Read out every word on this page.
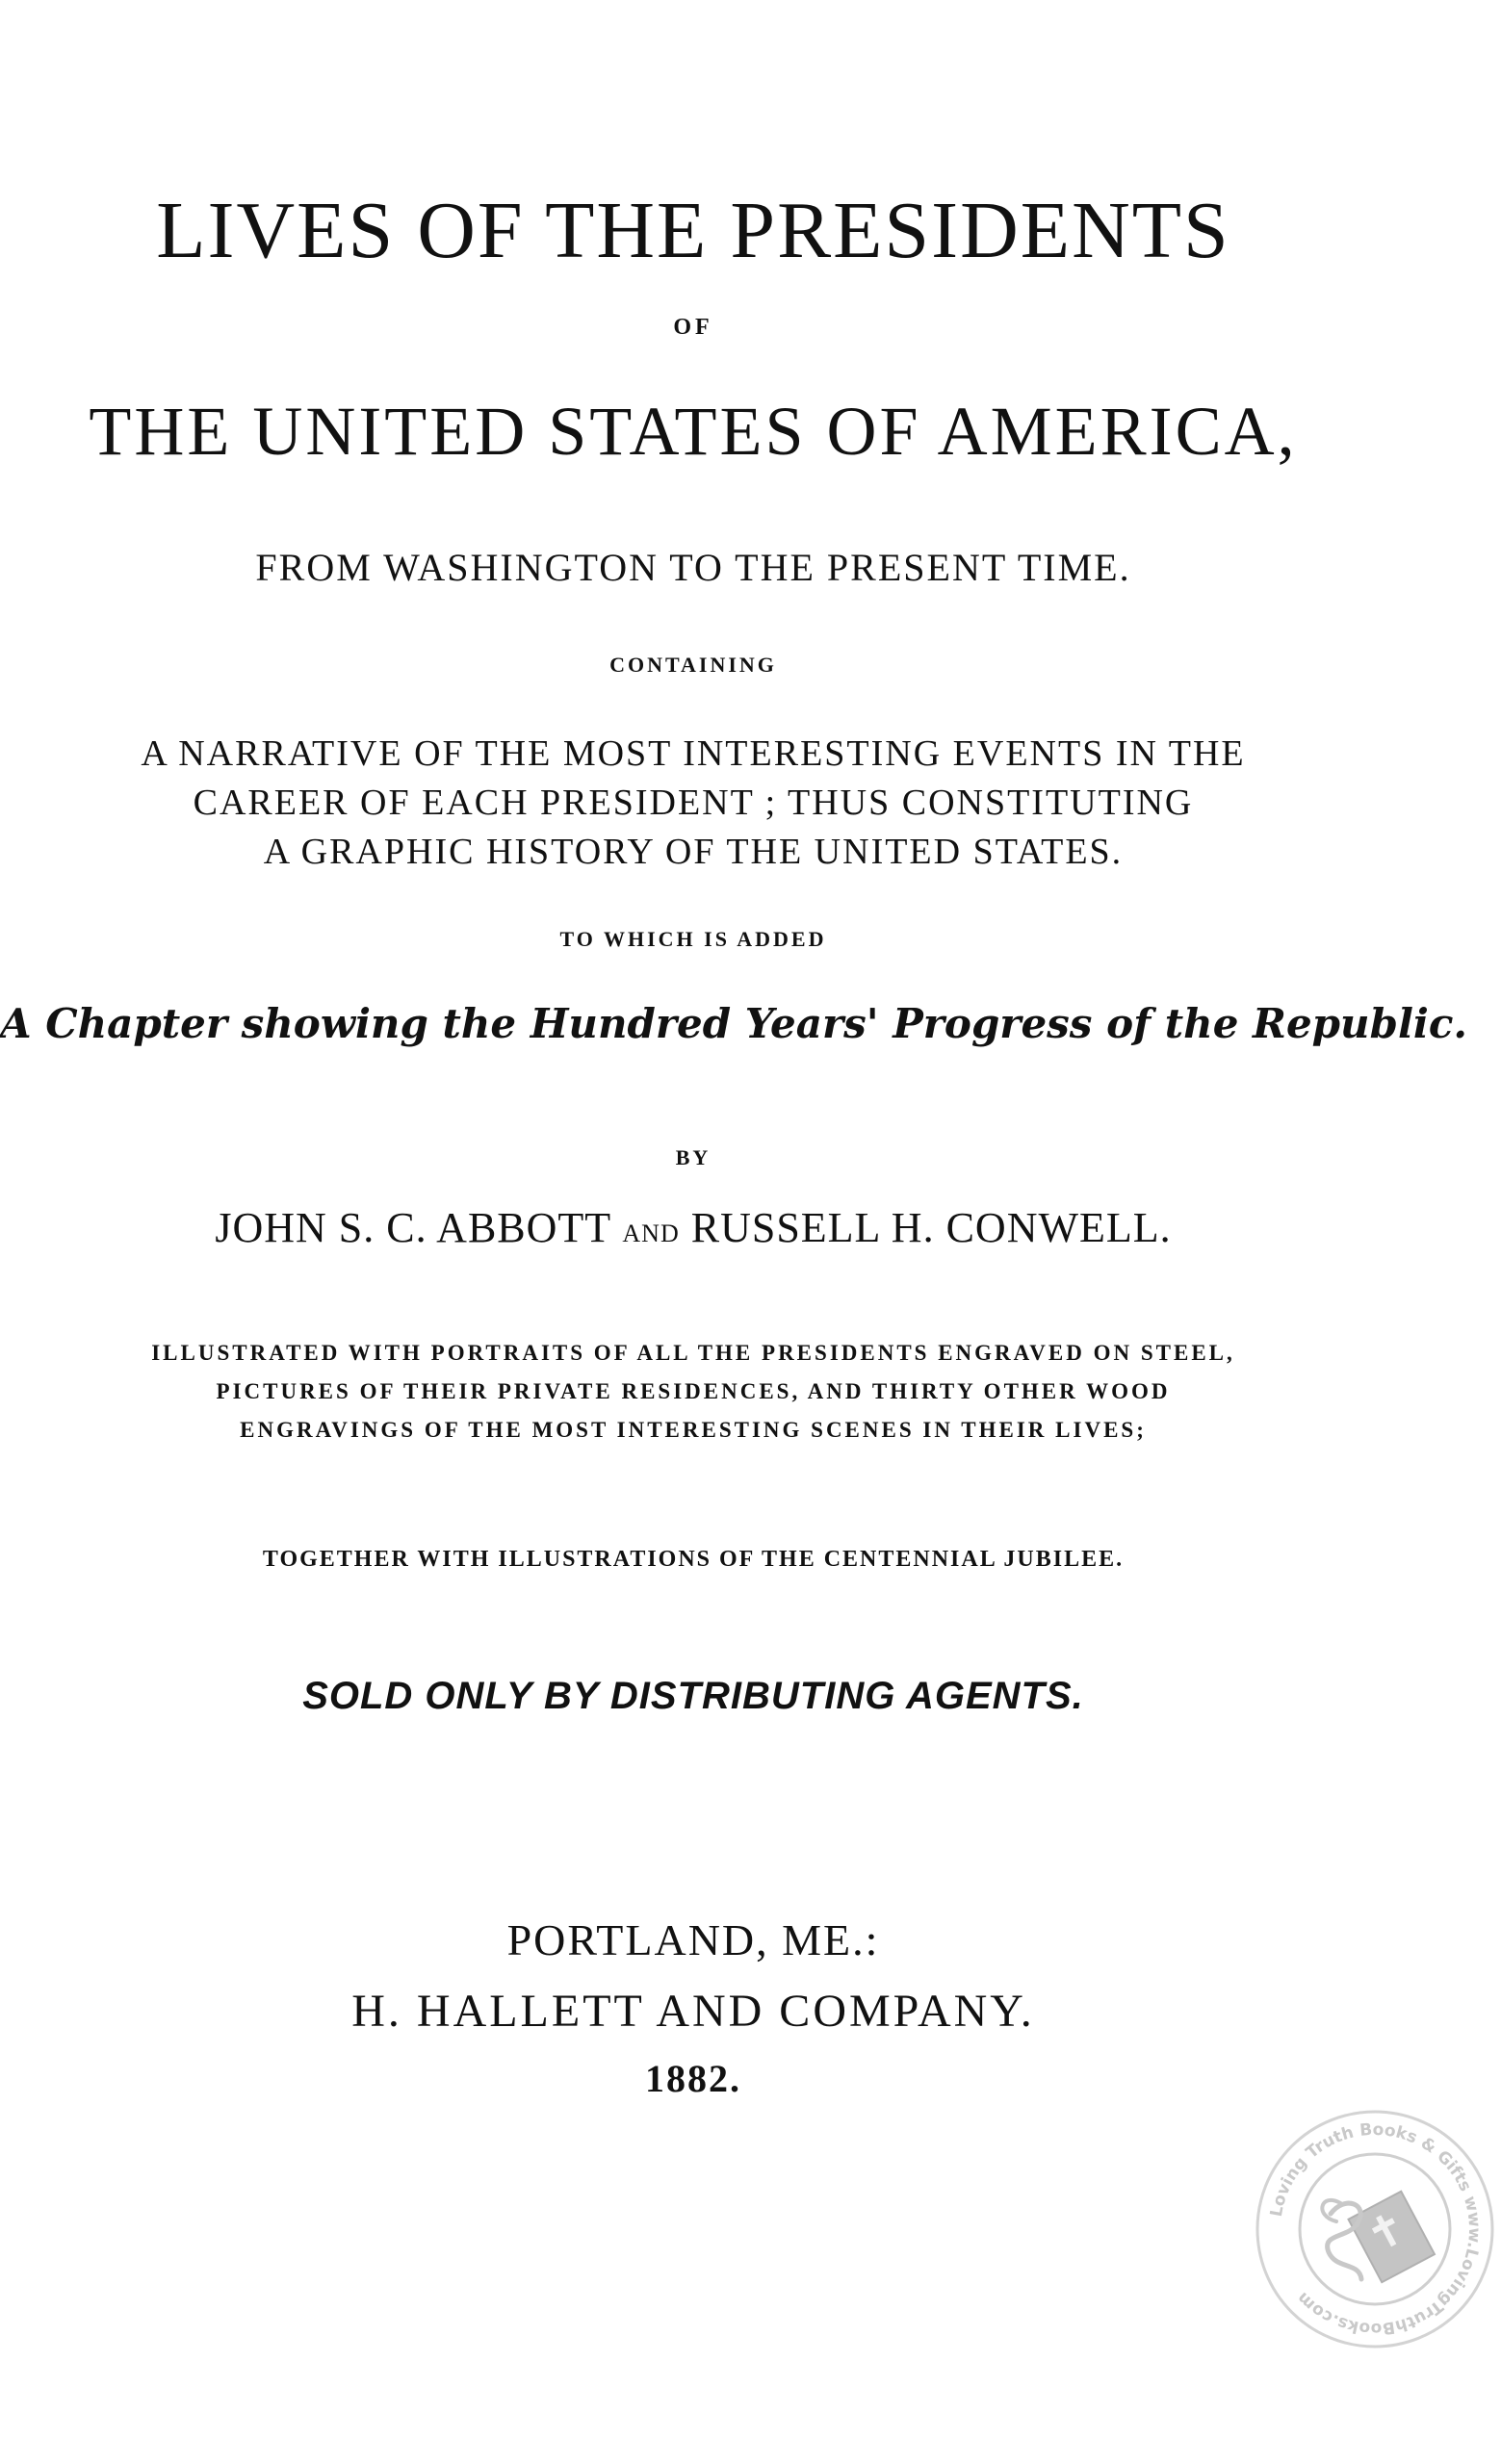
LIVES OF THE PRESIDENTS
OF
THE UNITED STATES OF AMERICA,
FROM WASHINGTON TO THE PRESENT TIME.
CONTAINING
A NARRATIVE OF THE MOST INTERESTING EVENTS IN THE
CAREER OF EACH PRESIDENT ; THUS CONSTITUTING
A GRAPHIC HISTORY OF THE UNITED STATES.
TO WHICH IS ADDED
A Chapter showing the Hundred Years' Progress of the Republic.
BY
JOHN S. C. ABBOTT AND RUSSELL H. CONWELL.
ILLUSTRATED WITH PORTRAITS OF ALL THE PRESIDENTS ENGRAVED ON STEEL,
PICTURES OF THEIR PRIVATE RESIDENCES, AND THIRTY OTHER WOOD
ENGRAVINGS OF THE MOST INTERESTING SCENES IN THEIR LIVES;
TOGETHER WITH ILLUSTRATIONS OF THE CENTENNIAL JUBILEE.
SOLD ONLY BY DISTRIBUTING AGENTS.
PORTLAND, ME.:
H. HALLETT AND COMPANY.
1882.
Loving Truth Books & Gifts www.LovingTruthBooks.com
